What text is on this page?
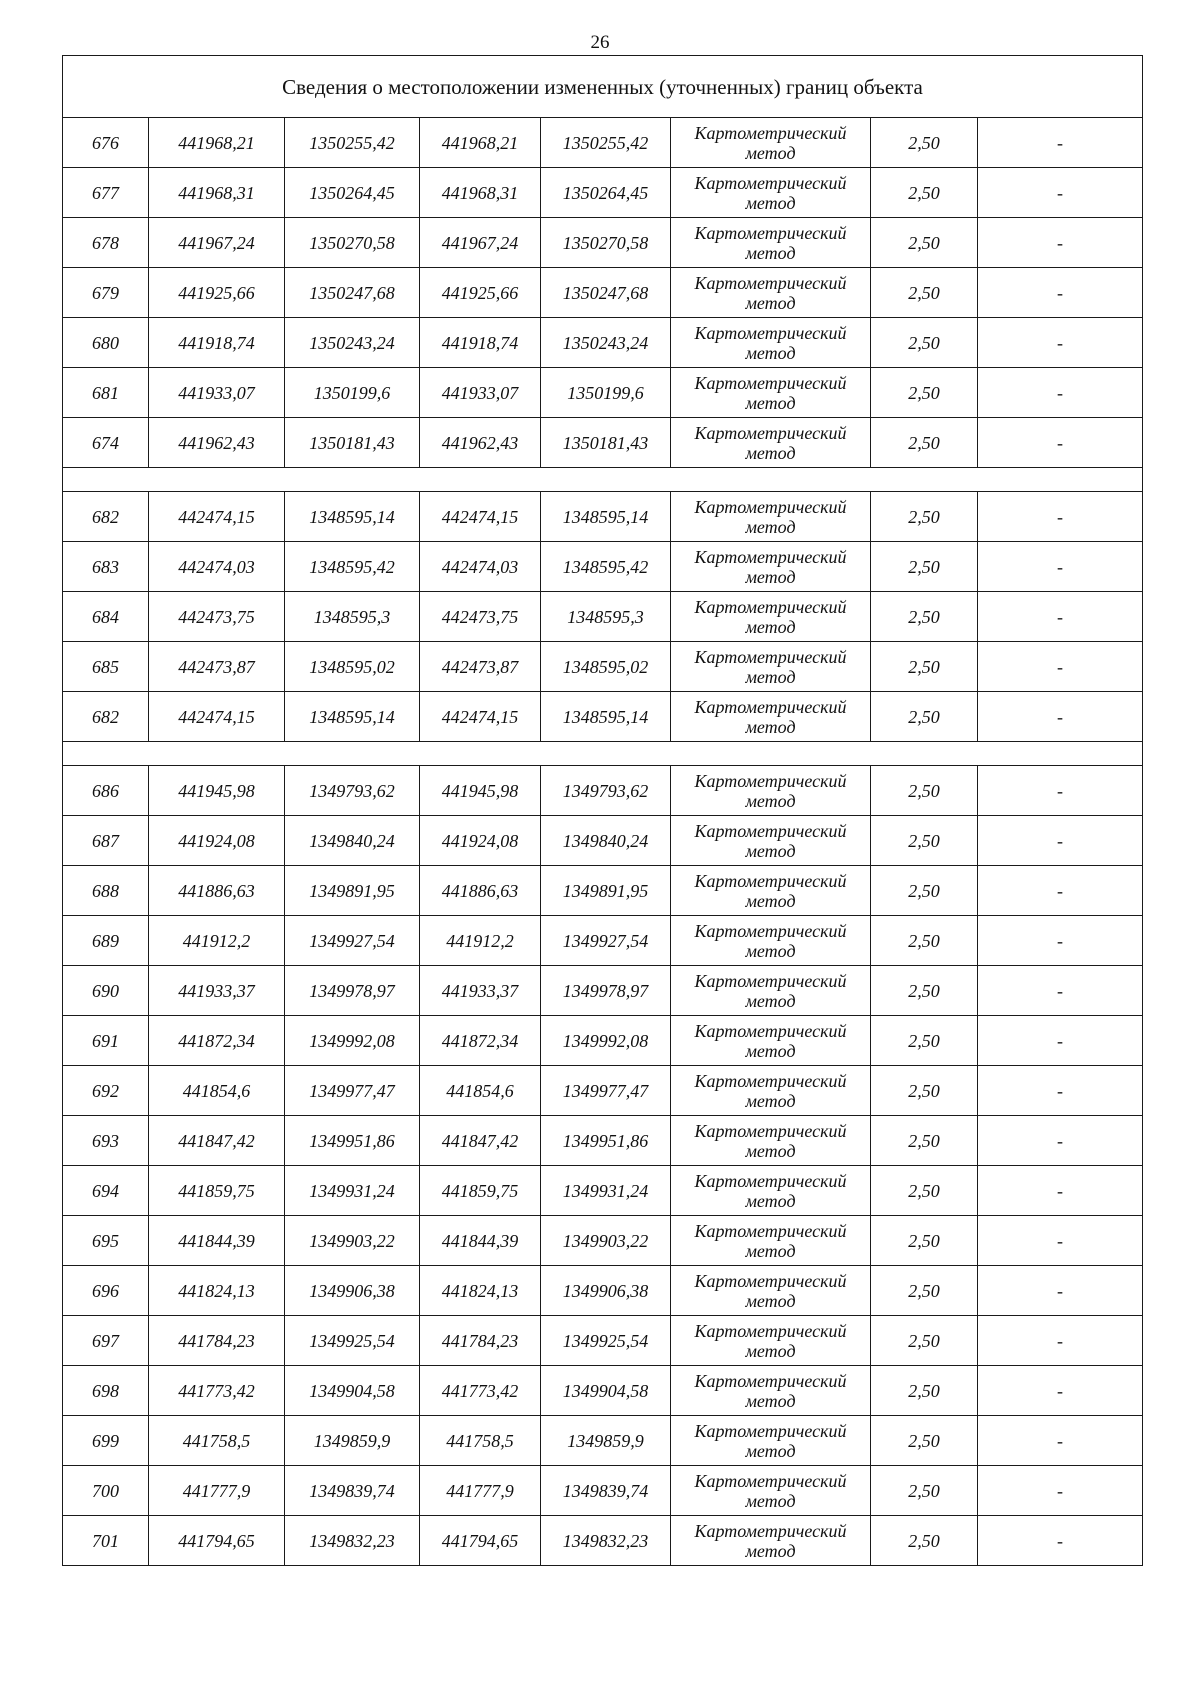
26
Сведения о местоположении измененных (уточненных) границ объекта							
676	441968,21	1350255,42	441968,21	1350255,42	Картометрический метод	2,50	-
677	441968,31	1350264,45	441968,31	1350264,45	Картометрический метод	2,50	-
678	441967,24	1350270,58	441967,24	1350270,58	Картометрический метод	2,50	-
679	441925,66	1350247,68	441925,66	1350247,68	Картометрический метод	2,50	-
680	441918,74	1350243,24	441918,74	1350243,24	Картометрический метод	2,50	-
681	441933,07	1350199,6	441933,07	1350199,6	Картометрический метод	2,50	-
674	441962,43	1350181,43	441962,43	1350181,43	Картометрический метод	2,50	-

682	442474,15	1348595,14	442474,15	1348595,14	Картометрический метод	2,50	-
683	442474,03	1348595,42	442474,03	1348595,42	Картометрический метод	2,50	-
684	442473,75	1348595,3	442473,75	1348595,3	Картометрический метод	2,50	-
685	442473,87	1348595,02	442473,87	1348595,02	Картометрический метод	2,50	-
682	442474,15	1348595,14	442474,15	1348595,14	Картометрический метод	2,50	-

686	441945,98	1349793,62	441945,98	1349793,62	Картометрический метод	2,50	-
687	441924,08	1349840,24	441924,08	1349840,24	Картометрический метод	2,50	-
688	441886,63	1349891,95	441886,63	1349891,95	Картометрический метод	2,50	-
689	441912,2	1349927,54	441912,2	1349927,54	Картометрический метод	2,50	-
690	441933,37	1349978,97	441933,37	1349978,97	Картометрический метод	2,50	-
691	441872,34	1349992,08	441872,34	1349992,08	Картометрический метод	2,50	-
692	441854,6	1349977,47	441854,6	1349977,47	Картометрический метод	2,50	-
693	441847,42	1349951,86	441847,42	1349951,86	Картометрический метод	2,50	-
694	441859,75	1349931,24	441859,75	1349931,24	Картометрический метод	2,50	-
695	441844,39	1349903,22	441844,39	1349903,22	Картометрический метод	2,50	-
696	441824,13	1349906,38	441824,13	1349906,38	Картометрический метод	2,50	-
697	441784,23	1349925,54	441784,23	1349925,54	Картометрический метод	2,50	-
698	441773,42	1349904,58	441773,42	1349904,58	Картометрический метод	2,50	-
699	441758,5	1349859,9	441758,5	1349859,9	Картометрический метод	2,50	-
700	441777,9	1349839,74	441777,9	1349839,74	Картометрический метод	2,50	-
701	441794,65	1349832,23	441794,65	1349832,23	Картометрический метод	2,50	-
